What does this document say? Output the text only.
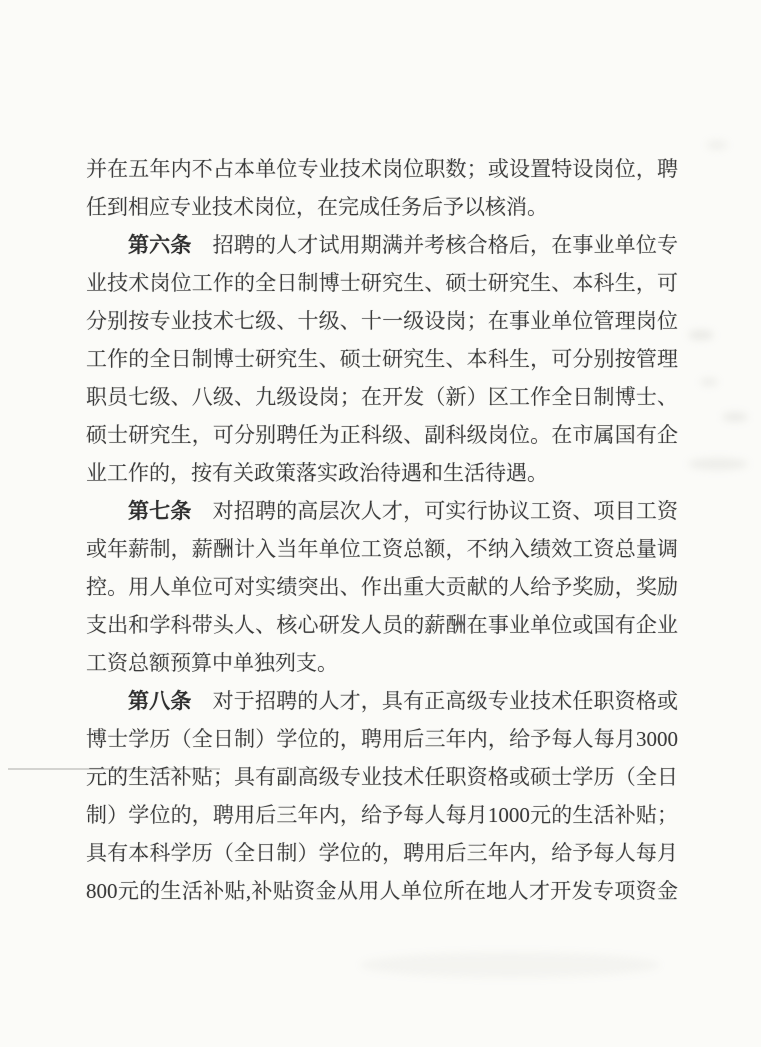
并在五年内不占本单位专业技术岗位职数；或设置特设岗位，聘
任到相应专业技术岗位，在完成任务后予以核消。
第六条　招聘的人才试用期满并考核合格后，在事业单位专
业技术岗位工作的全日制博士研究生、硕士研究生、本科生，可
分别按专业技术七级、十级、十一级设岗；在事业单位管理岗位
工作的全日制博士研究生、硕士研究生、本科生，可分别按管理
职员七级、八级、九级设岗；在开发（新）区工作全日制博士、
硕士研究生，可分别聘任为正科级、副科级岗位。在市属国有企
业工作的，按有关政策落实政治待遇和生活待遇。
第七条　对招聘的高层次人才，可实行协议工资、项目工资
或年薪制，薪酬计入当年单位工资总额，不纳入绩效工资总量调
控。用人单位可对实绩突出、作出重大贡献的人给予奖励，奖励
支出和学科带头人、核心研发人员的薪酬在事业单位或国有企业
工资总额预算中单独列支。
第八条　对于招聘的人才，具有正高级专业技术任职资格或
博士学历（全日制）学位的，聘用后三年内，给予每人每月3000
元的生活补贴；具有副高级专业技术任职资格或硕士学历（全日
制）学位的，聘用后三年内，给予每人每月1000元的生活补贴；
具有本科学历（全日制）学位的，聘用后三年内，给予每人每月
800元的生活补贴,补贴资金从用人单位所在地人才开发专项资金
